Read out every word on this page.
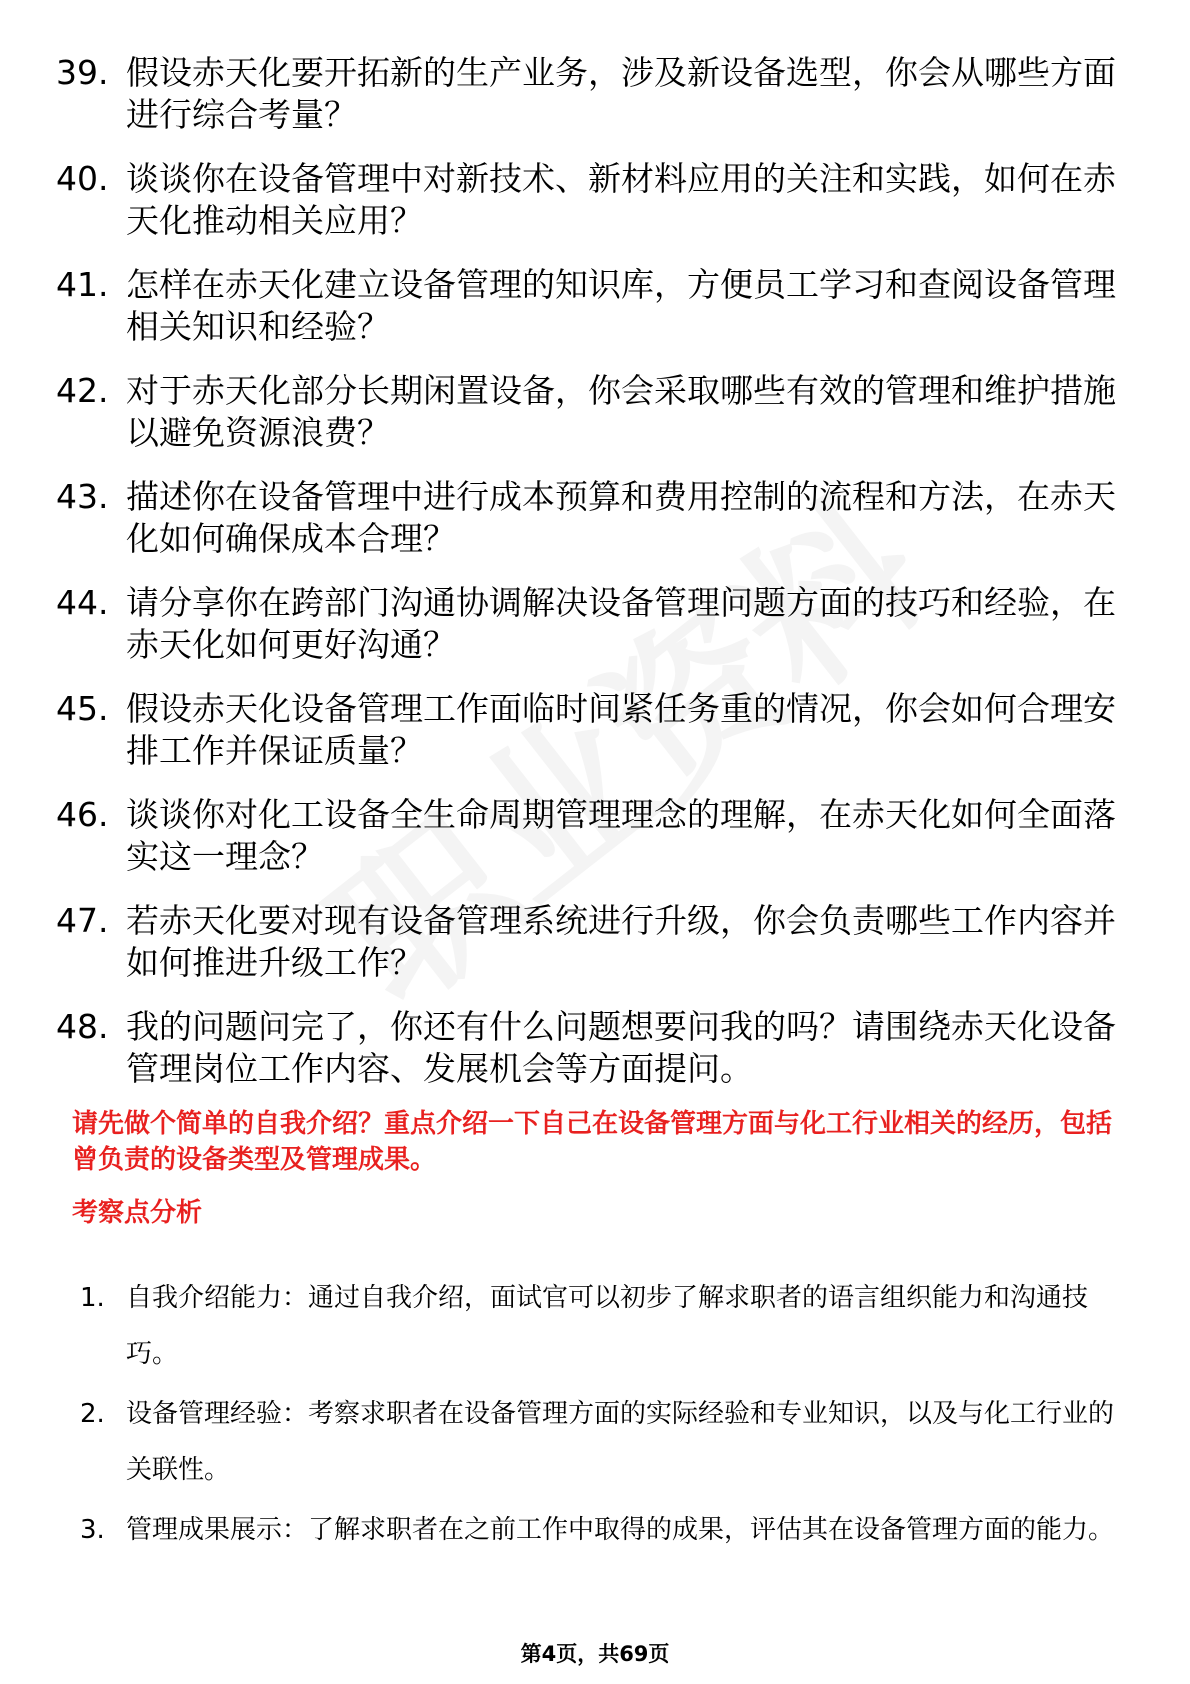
39. 假设赤天化要开拓新的生产业务，涉及新设备选型，你会从哪些方面进行综合考量？
40. 谈谈你在设备管理中对新技术、新材料应用的关注和实践，如何在赤天化推动相关应用？
41. 怎样在赤天化建立设备管理的知识库，方便员工学习和查阅设备管理相关知识和经验？
42. 对于赤天化部分长期闲置设备，你会采取哪些有效的管理和维护措施以避免资源浪费？
43. 描述你在设备管理中进行成本预算和费用控制的流程和方法，在赤天化如何确保成本合理？
44. 请分享你在跨部门沟通协调解决设备管理问题方面的技巧和经验，在赤天化如何更好沟通？
45. 假设赤天化设备管理工作面临时间紧任务重的情况，你会如何合理安排工作并保证质量？
46. 谈谈你对化工设备全生命周期管理理念的理解，在赤天化如何全面落实这一理念？
47. 若赤天化要对现有设备管理系统进行升级，你会负责哪些工作内容并如何推进升级工作？
48. 我的问题问完了，你还有什么问题想要问我的吗？请围绕赤天化设备管理岗位工作内容、发展机会等方面提问。
请先做个简单的自我介绍？重点介绍一下自己在设备管理方面与化工行业相关的经历，包括曾负责的设备类型及管理成果。
考察点分析
1. 自我介绍能力：通过自我介绍，面试官可以初步了解求职者的语言组织能力和沟通技巧。
2. 设备管理经验：考察求职者在设备管理方面的实际经验和专业知识，以及与化工行业的关联性。
3. 管理成果展示：了解求职者在之前工作中取得的成果，评估其在设备管理方面的能力。
第4页，共69页
